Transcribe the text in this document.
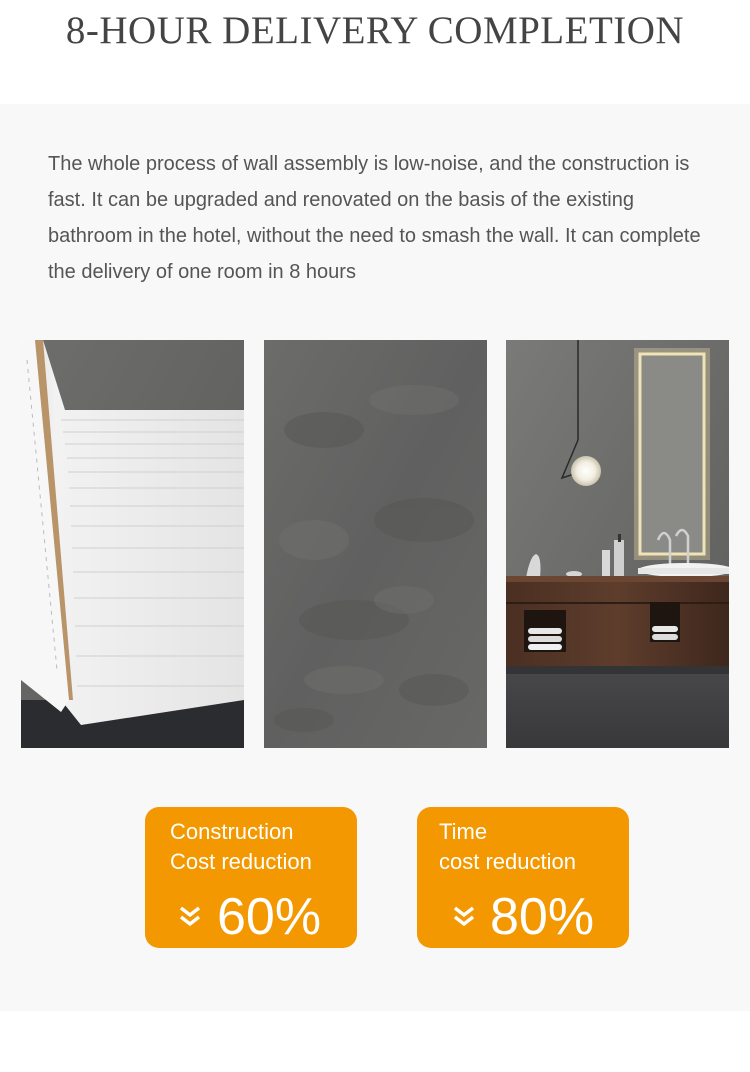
8-HOUR DELIVERY COMPLETION

The whole process of wall assembly is low-noise, and the construction is fast. It can be upgraded and renovated on the basis of the existing bathroom in the hotel, without the need to smash the wall. It can complete the delivery of one room in 8 hours

Construction
Cost reduction
60%
Time
cost reduction
80%
